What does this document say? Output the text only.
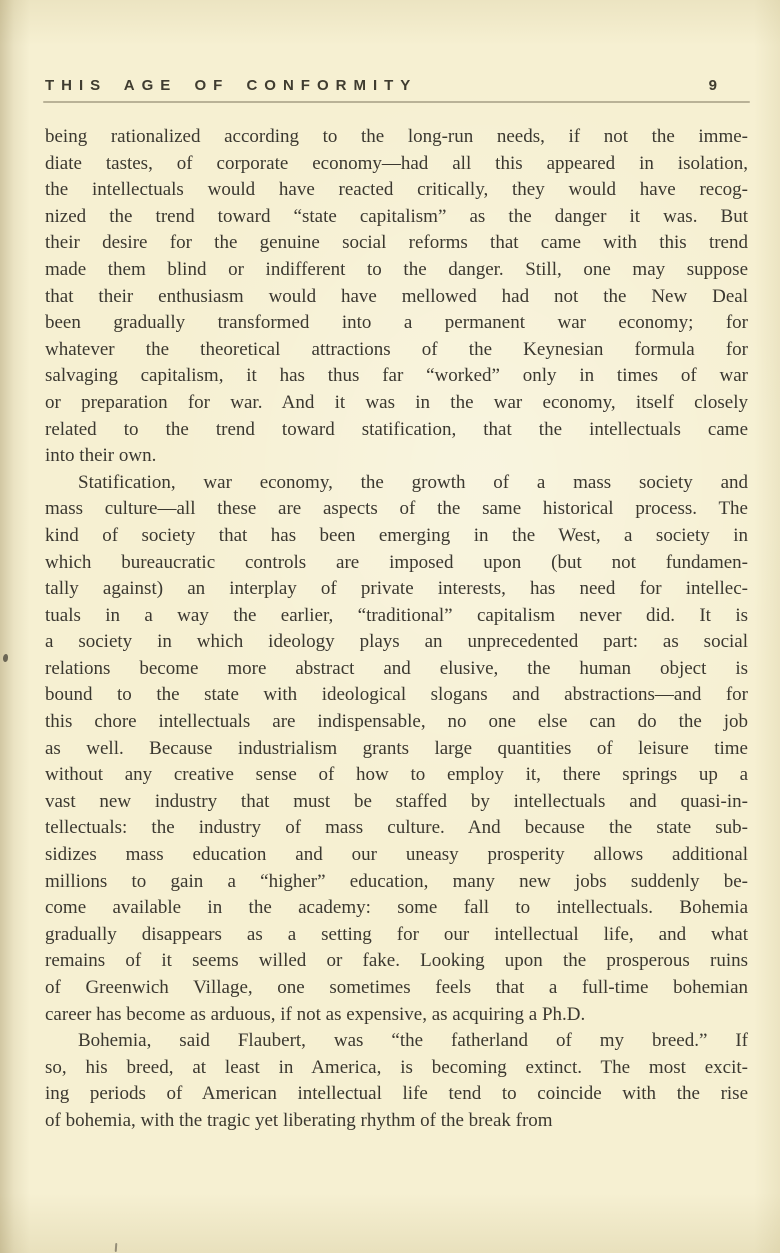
THIS AGE OF CONFORMITY	9

being rationalized according to the long-run needs, if not the imme-
diate tastes, of corporate economy—had all this appeared in isolation,
the intellectuals would have reacted critically, they would have recog-
nized the trend toward “state capitalism” as the danger it was. But
their desire for the genuine social reforms that came with this trend
made them blind or indifferent to the danger. Still, one may suppose
that their enthusiasm would have mellowed had not the New Deal
been gradually transformed into a permanent war economy; for
whatever the theoretical attractions of the Keynesian formula for
salvaging capitalism, it has thus far “worked” only in times of war
or preparation for war. And it was in the war economy, itself closely
related to the trend toward statification, that the intellectuals came
into their own.

Statification, war economy, the growth of a mass society and
mass culture—all these are aspects of the same historical process. The
kind of society that has been emerging in the West, a society in
which bureaucratic controls are imposed upon (but not fundamen-
tally against) an interplay of private interests, has need for intellec-
tuals in a way the earlier, “traditional” capitalism never did. It is
a society in which ideology plays an unprecedented part: as social
relations become more abstract and elusive, the human object is
bound to the state with ideological slogans and abstractions—and for
this chore intellectuals are indispensable, no one else can do the job
as well. Because industrialism grants large quantities of leisure time
without any creative sense of how to employ it, there springs up a
vast new industry that must be staffed by intellectuals and quasi-in-
tellectuals: the industry of mass culture. And because the state sub-
sidizes mass education and our uneasy prosperity allows additional
millions to gain a “higher” education, many new jobs suddenly be-
come available in the academy: some fall to intellectuals. Bohemia
gradually disappears as a setting for our intellectual life, and what
remains of it seems willed or fake. Looking upon the prosperous ruins
of Greenwich Village, one sometimes feels that a full-time bohemian
career has become as arduous, if not as expensive, as acquiring a Ph.D.

Bohemia, said Flaubert, was “the fatherland of my breed.” If
so, his breed, at least in America, is becoming extinct. The most excit-
ing periods of American intellectual life tend to coincide with the rise
of bohemia, with the tragic yet liberating rhythm of the break from
